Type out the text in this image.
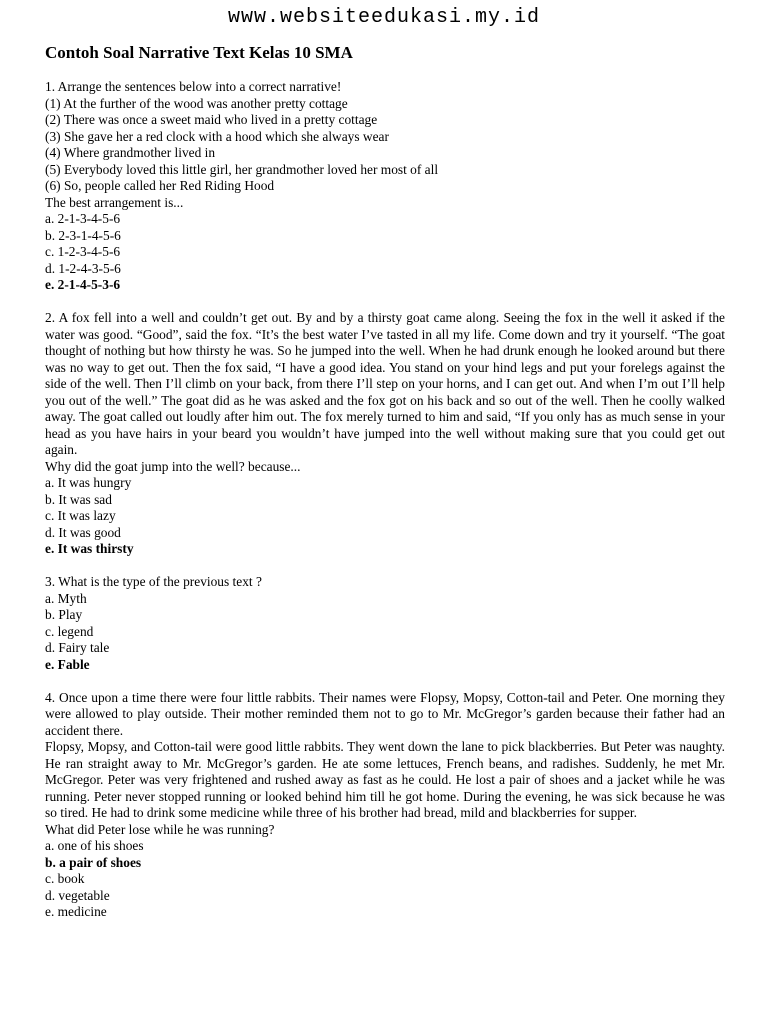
www.websiteedukasi.my.id
Contoh Soal Narrative Text Kelas 10 SMA
1. Arrange the sentences below into a correct narrative!
(1) At the further of the wood was another pretty cottage
(2) There was once a sweet maid who lived in a pretty cottage
(3) She gave her a red clock with a hood which she always wear
(4) Where grandmother lived in
(5) Everybody loved this little girl, her grandmother loved her most of all
(6) So, people called her Red Riding Hood
The best arrangement is...
a. 2-1-3-4-5-6
b. 2-3-1-4-5-6
c. 1-2-3-4-5-6
d. 1-2-4-3-5-6
e. 2-1-4-5-3-6
2. A fox fell into a well and couldn’t get out. By and by a thirsty goat came along. Seeing the fox in the well it asked if the water was good. “Good”, said the fox. “It’s the best water I’ve tasted in all my life. Come down and try it yourself. “The goat thought of nothing but how thirsty he was. So he jumped into the well. When he had drunk enough he looked around but there was no way to get out. Then the fox said, “I have a good idea. You stand on your hind legs and put your forelegs against the side of the well. Then I’ll climb on your back, from there I’ll step on your horns, and I can get out. And when I’m out I’ll help you out of the well.” The goat did as he was asked and the fox got on his back and so out of the well. Then he coolly walked away. The goat called out loudly after him out. The fox merely turned to him and said, “If you only has as much sense in your head as you have hairs in your beard you wouldn’t have jumped into the well without making sure that you could get out again.
Why did the goat jump into the well? because...
a. It was hungry
b. It was sad
c. It was lazy
d. It was good
e. It was thirsty
3. What is the type of the previous text ?
a. Myth
b. Play
c. legend
d. Fairy tale
e. Fable
4. Once upon a time there were four little rabbits. Their names were Flopsy, Mopsy, Cotton-tail and Peter. One morning they were allowed to play outside. Their mother reminded them not to go to Mr. McGregor’s garden because their father had an accident there.
Flopsy, Mopsy, and Cotton-tail were good little rabbits. They went down the lane to pick blackberries. But Peter was naughty. He ran straight away to Mr. McGregor’s garden. He ate some lettuces, French beans, and radishes. Suddenly, he met Mr. McGregor. Peter was very frightened and rushed away as fast as he could. He lost a pair of shoes and a jacket while he was running. Peter never stopped running or looked behind him till he got home. During the evening, he was sick because he was so tired. He had to drink some medicine while three of his brother had bread, mild and blackberries for supper.
What did Peter lose while he was running?
a. one of his shoes
b. a pair of shoes
c. book
d. vegetable
e. medicine
